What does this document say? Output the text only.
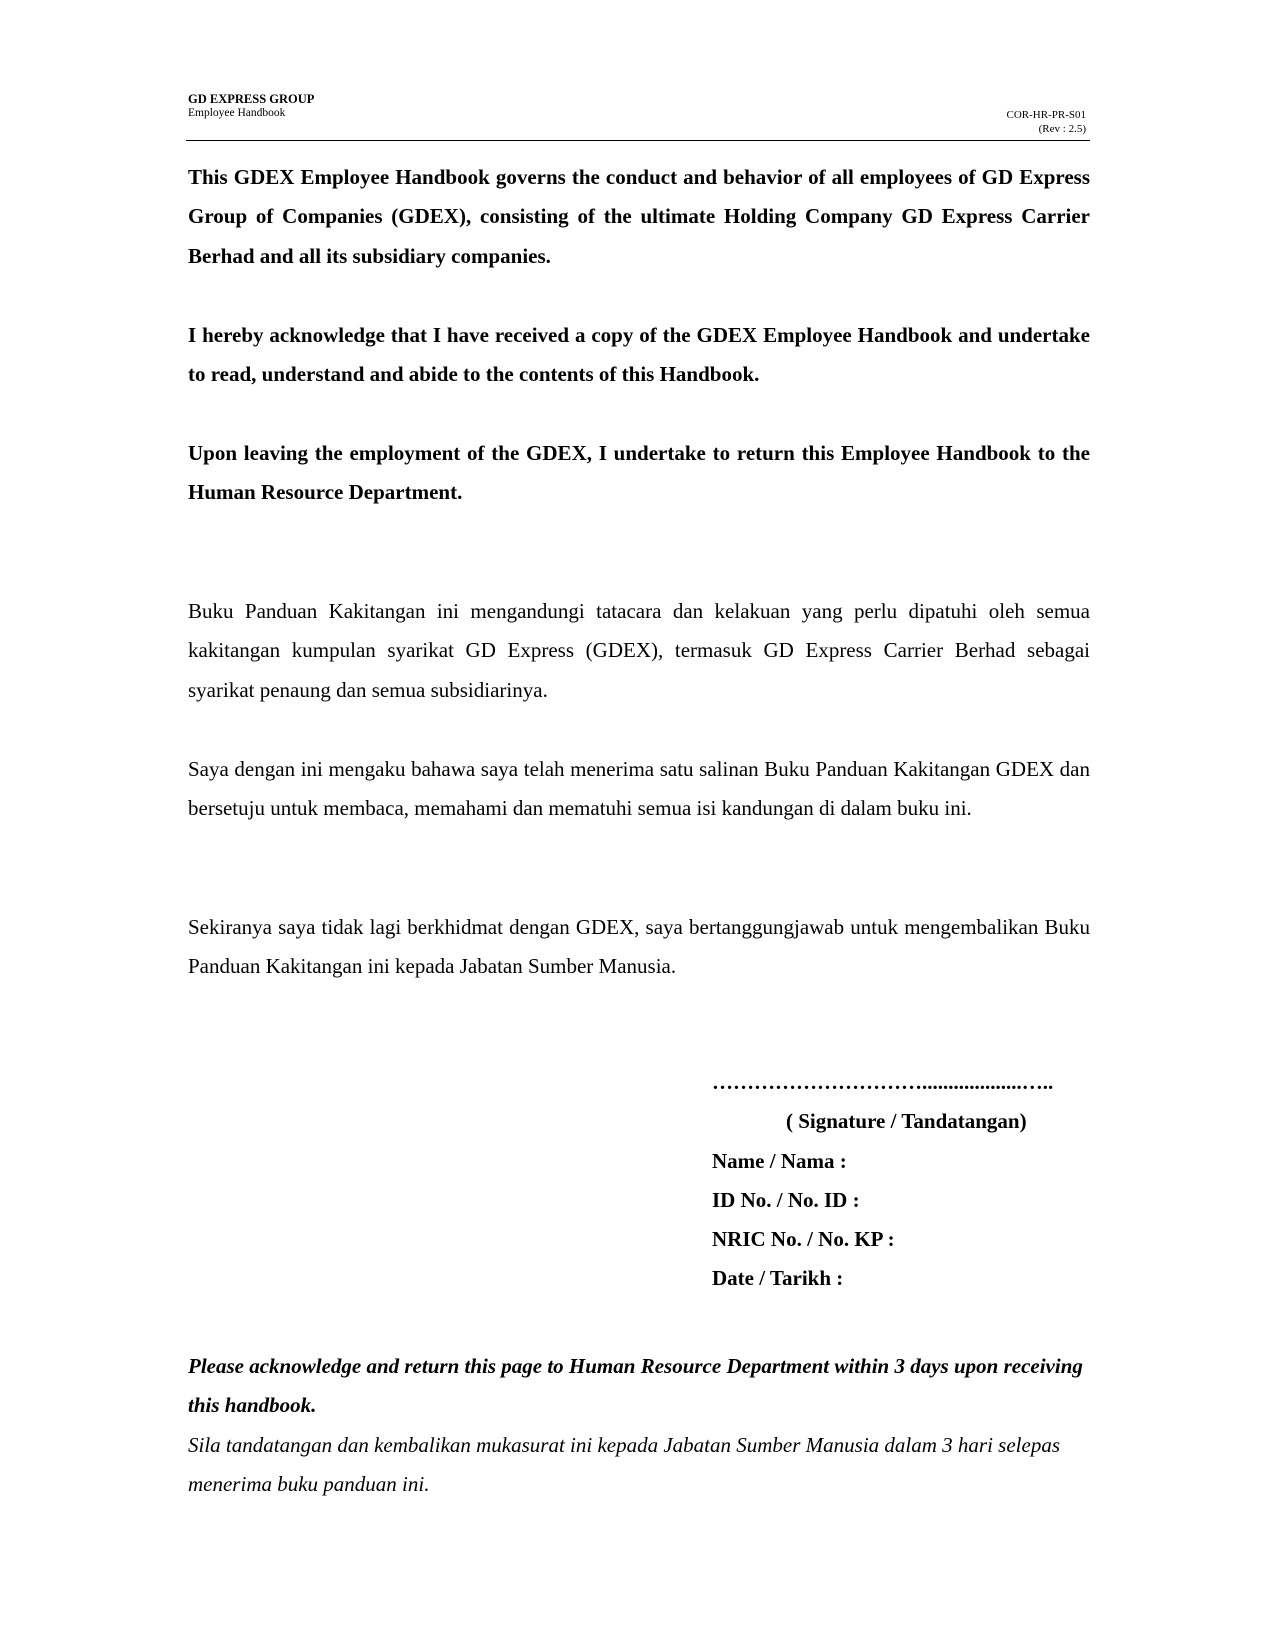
GD EXPRESS GROUP
Employee Handbook	COR-HR-PR-S01
(Rev : 2.5)

This GDEX Employee Handbook governs the conduct and behavior of all employees of GD Express Group of Companies (GDEX), consisting of the ultimate Holding Company GD Express Carrier Berhad and all its subsidiary companies.

I hereby acknowledge that I have received a copy of the GDEX Employee Handbook and undertake to read, understand and abide to the contents of this Handbook.

Upon leaving the employment of the GDEX, I undertake to return this Employee Handbook to the Human Resource Department.

Buku Panduan Kakitangan ini mengandungi tatacara dan kelakuan yang perlu dipatuhi oleh semua kakitangan kumpulan syarikat GD Express (GDEX), termasuk GD Express Carrier Berhad sebagai syarikat penaung dan semua subsidiarinya.

Saya dengan ini mengaku bahawa saya telah menerima satu salinan Buku Panduan Kakitangan GDEX dan bersetuju untuk membaca, memahami dan mematuhi semua isi kandungan di dalam buku ini.

Sekiranya saya tidak lagi berkhidmat dengan GDEX, saya bertanggungjawab untuk mengembalikan Buku Panduan Kakitangan ini kepada Jabatan Sumber Manusia.

…………………………...................…..
( Signature / Tandatangan)
Name / Nama :
ID No. / No. ID :
NRIC No. / No. KP :
Date / Tarikh :

Please acknowledge and return this page to Human Resource Department within 3 days upon receiving this handbook.

Sila tandatangan dan kembalikan mukasurat ini kepada Jabatan Sumber Manusia dalam 3 hari selepas menerima buku panduan ini.
